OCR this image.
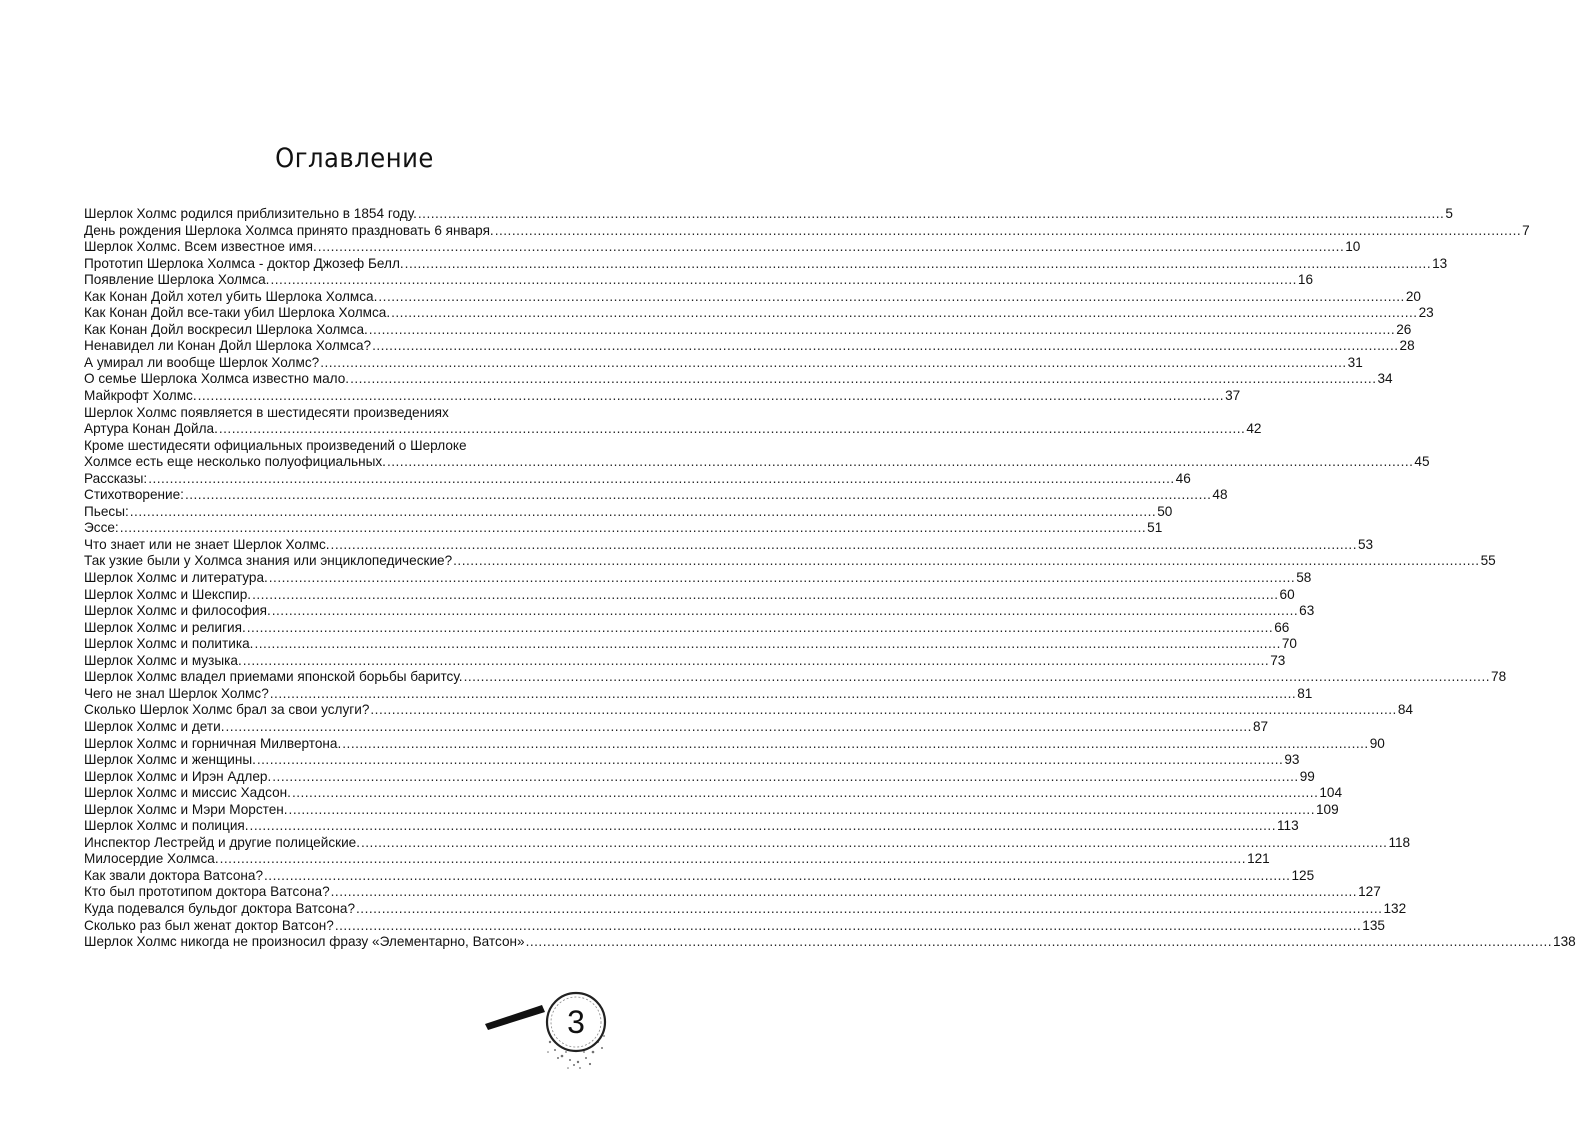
Оглавление
Шерлок Холмс родился приблизительно в 1854 году. .....	5
День рождения Шерлока Холмса принято праздновать 6 января. .....	7
Шерлок Холмс. Всем известное имя. .....	10
Прототип Шерлока Холмса - доктор Джозеф Белл. .....	13
Появление Шерлока Холмса. .....	16
Как Конан Дойл хотел убить Шерлока Холмса. .....	20
Как Конан Дойл все-таки убил Шерлока Холмса. .....	23
Как Конан Дойл воскресил Шерлока Холмса. .....	26
Ненавидел ли Конан Дойл Шерлока Холмса? .....	28
А умирал ли вообще Шерлок Холмс? .....	31
О семье Шерлока Холмса известно мало. .....	34
Майкрофт Холмс. .....	37
Шерлок Холмс появляется в шестидесяти произведениях
Артура Конан Дойла. .....	42
Кроме шестидесяти официальных произведений о Шерлоке
Холмсе есть еще несколько полуофициальных. .....	45
Рассказы: .....	46
Стихотворение: .....	48
Пьесы: .....	50
Эссе: .....	51
Что знает или не знает Шерлок Холмс. .....	53
Так узкие были у Холмса знания или энциклопедические? .....	55
Шерлок Холмс и литература. .....	58
Шерлок Холмс и Шекспир. .....	60
Шерлок Холмс и философия. .....	63
Шерлок Холмс и религия. .....	66
Шерлок Холмс и политика. .....	70
Шерлок Холмс и музыка. .....	73
Шерлок Холмс владел приемами японской борьбы баритсу. .....	78
Чего не знал Шерлок Холмс? .....	81
Сколько Шерлок Холмс брал за свои услуги? .....	84
Шерлок Холмс и дети. .....	87
Шерлок Холмс и горничная Милвертона. .....	90
Шерлок Холмс и женщины. .....	93
Шерлок Холмс и Ирэн Адлер. .....	99
Шерлок Холмс и миссис Хадсон. .....	104
Шерлок Холмс и Мэри Морстен. .....	109
Шерлок Холмс и полиция. .....	113
Инспектор Лестрейд и другие полицейские. .....	118
Милосердие Холмса. .....	121
Как звали доктора Ватсона? .....	125
Кто был прототипом доктора Ватсона? .....	127
Куда подевался бульдог доктора Ватсона? .....	132
Сколько раз был женат доктор Ватсон? .....	135
Шерлок Холмс никогда не произносил фразу «Элементарно, Ватсон» .....	138
3
